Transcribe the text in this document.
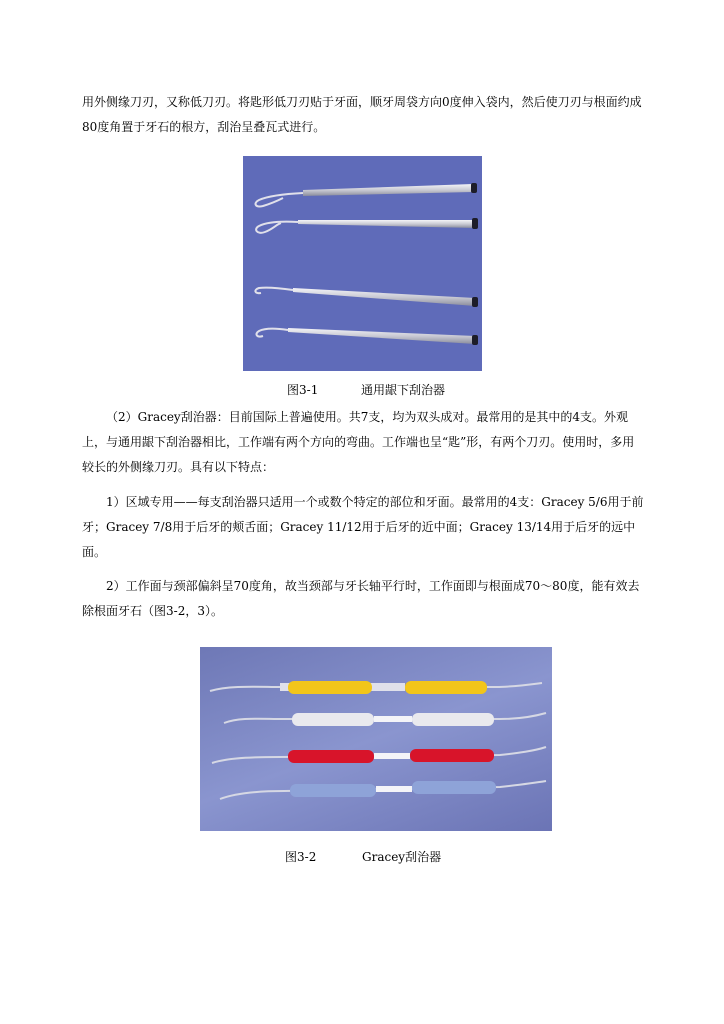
用外侧缘刀刃，又称低刀刃。将匙形低刀刃贴于牙面，顺牙周袋方向0度伸入袋内，然后使刀刃与根面约成80度角置于牙石的根方，刮治呈叠瓦式进行。

图3-1	通用龈下刮治器

（2）Gracey刮治器：目前国际上普遍使用。共7支，均为双头成对。最常用的是其中的4支。外观上，与通用龈下刮治器相比，工作端有两个方向的弯曲。工作端也呈“匙”形，有两个刀刃。使用时，多用较长的外侧缘刀刃。具有以下特点：

1）区域专用——每支刮治器只适用一个或数个特定的部位和牙面。最常用的4支：Gracey 5/6用于前牙；Gracey 7/8用于后牙的颊舌面；Gracey 11/12用于后牙的近中面；Gracey 13/14用于后牙的远中面。

2）工作面与颈部偏斜呈70度角，故当颈部与牙长轴平行时，工作面即与根面成70～80度，能有效去除根面牙石（图3-2，3）。

图3-2	Gracey刮治器
